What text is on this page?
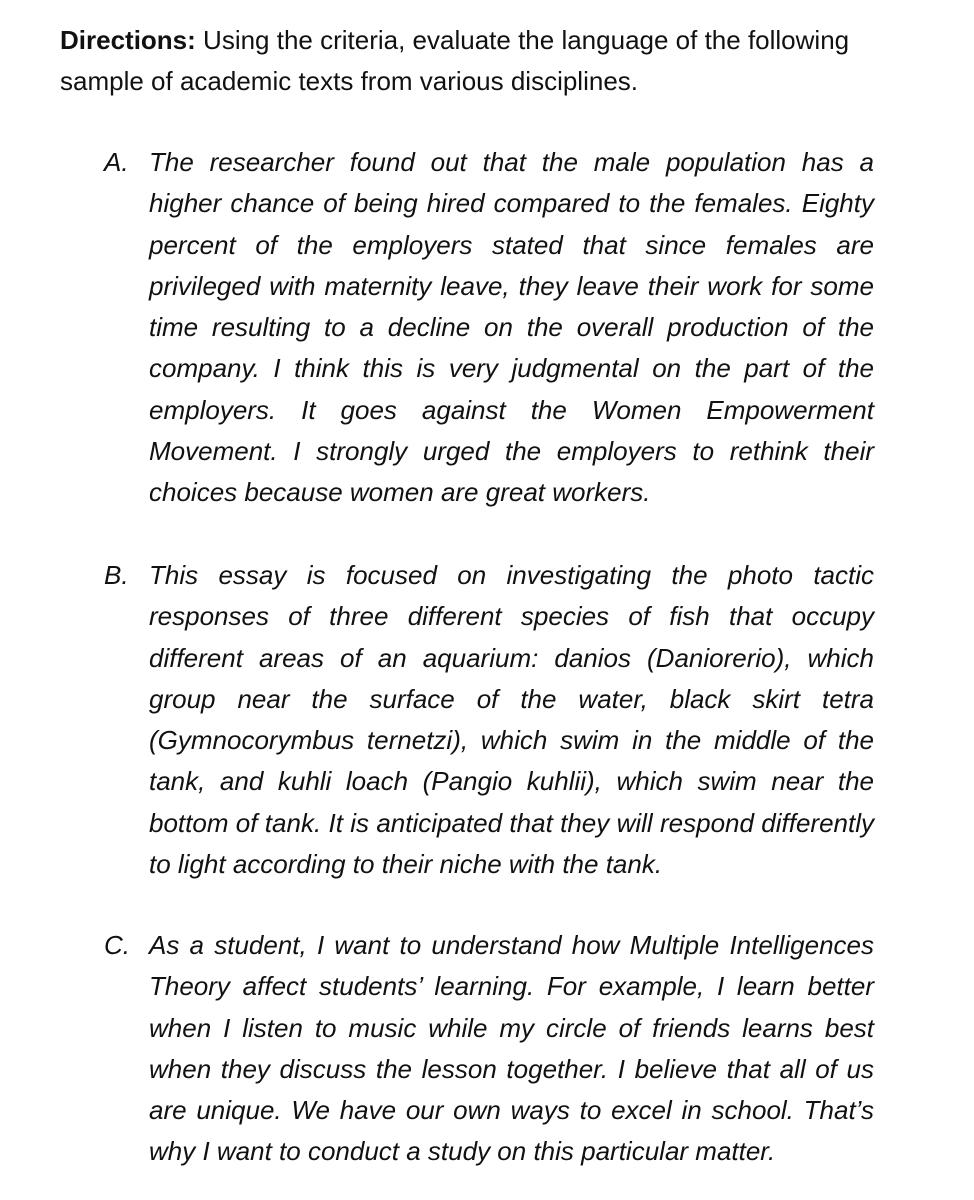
Directions: Using the criteria, evaluate the language of the following sample of academic texts from various disciplines.
A. The researcher found out that the male population has a higher chance of being hired compared to the females. Eighty percent of the employers stated that since females are privileged with maternity leave, they leave their work for some time resulting to a decline on the overall production of the company. I think this is very judgmental on the part of the employers. It goes against the Women Empowerment Movement. I strongly urged the employers to rethink their choices because women are great workers.
B. This essay is focused on investigating the photo tactic responses of three different species of fish that occupy different areas of an aquarium: danios (Daniorerio), which group near the surface of the water, black skirt tetra (Gymnocorymbus ternetzi), which swim in the middle of the tank, and kuhli loach (Pangio kuhlii), which swim near the bottom of tank. It is anticipated that they will respond differently to light according to their niche with the tank.
C. As a student, I want to understand how Multiple Intelligences Theory affect students’ learning. For example, I learn better when I listen to music while my circle of friends learns best when they discuss the lesson together. I believe that all of us are unique. We have our own ways to excel in school. That’s why I want to conduct a study on this particular matter.
